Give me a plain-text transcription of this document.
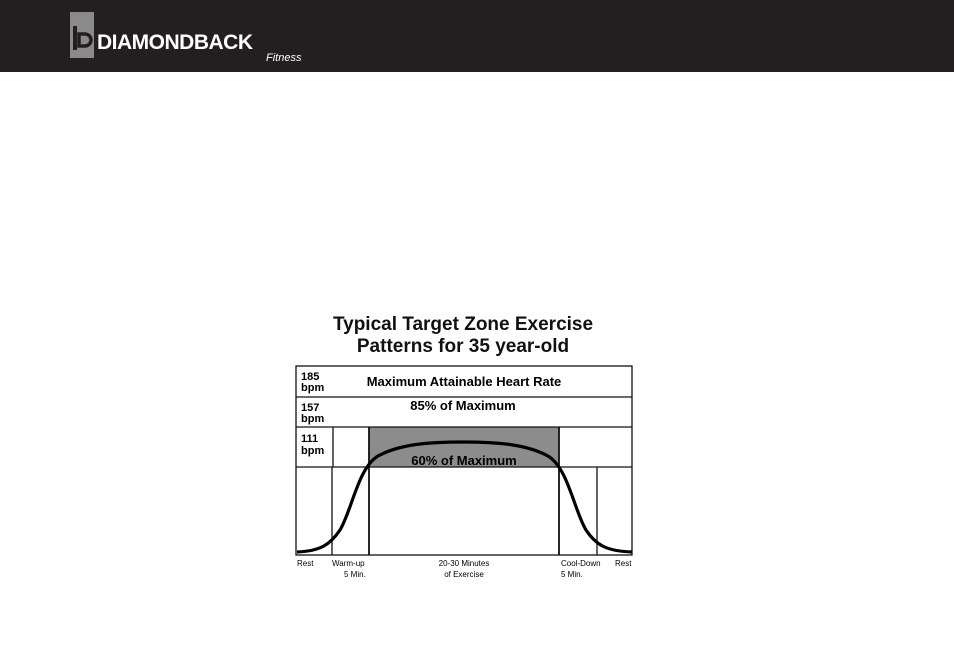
DIAMONDBACK
Fitness
Typical Target Zone Exercise
Patterns for 35 year-old
185
bpm	Maximum Attainable Heart Rate
157
bpm
85% of Maximum
111
bpm
60% of Maximum
Rest Warm-up
5 Min.
20-30 Minutes
of Exercise
Cool-Down
5 Min.
Rest
